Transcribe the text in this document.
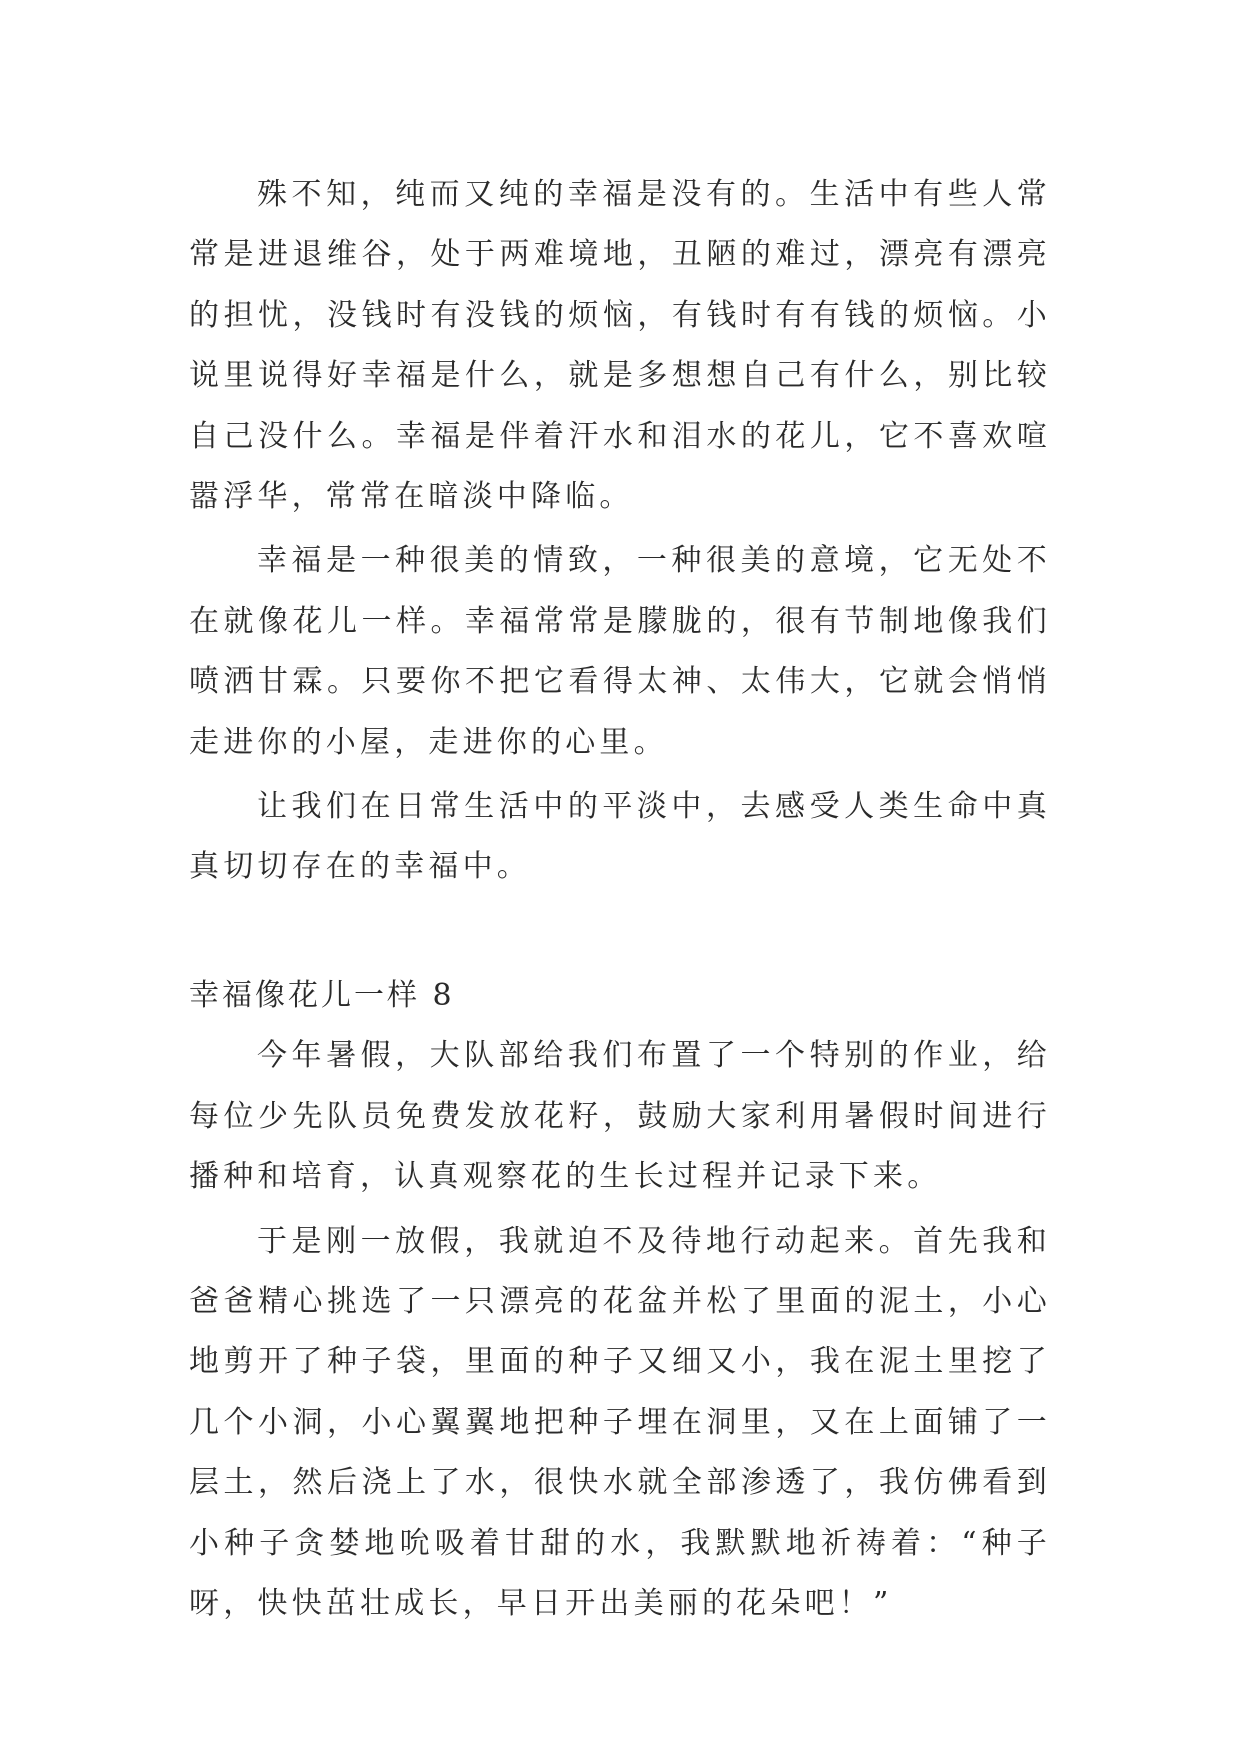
殊不知，纯而又纯的幸福是没有的。生活中有些人常常是进退维谷，处于两难境地，丑陋的难过，漂亮有漂亮的担忧，没钱时有没钱的烦恼，有钱时有有钱的烦恼。小说里说得好幸福是什么，就是多想想自己有什么，别比较自己没什么。幸福是伴着汗水和泪水的花儿，它不喜欢喧嚣浮华，常常在暗淡中降临。

幸福是一种很美的情致，一种很美的意境，它无处不在就像花儿一样。幸福常常是朦胧的，很有节制地像我们喷洒甘霖。只要你不把它看得太神、太伟大，它就会悄悄走进你的小屋，走进你的心里。

让我们在日常生活中的平淡中，去感受人类生命中真真切切存在的幸福中。

幸福像花儿一样 8

今年暑假，大队部给我们布置了一个特别的作业，给每位少先队员免费发放花籽，鼓励大家利用暑假时间进行播种和培育，认真观察花的生长过程并记录下来。

于是刚一放假，我就迫不及待地行动起来。首先我和爸爸精心挑选了一只漂亮的花盆并松了里面的泥土，小心地剪开了种子袋，里面的种子又细又小，我在泥土里挖了几个小洞，小心翼翼地把种子埋在洞里，又在上面铺了一层土，然后浇上了水，很快水就全部渗透了，我仿佛看到小种子贪婪地吮吸着甘甜的水，我默默地祈祷着：“种子呀，快快茁壮成长，早日开出美丽的花朵吧！”
